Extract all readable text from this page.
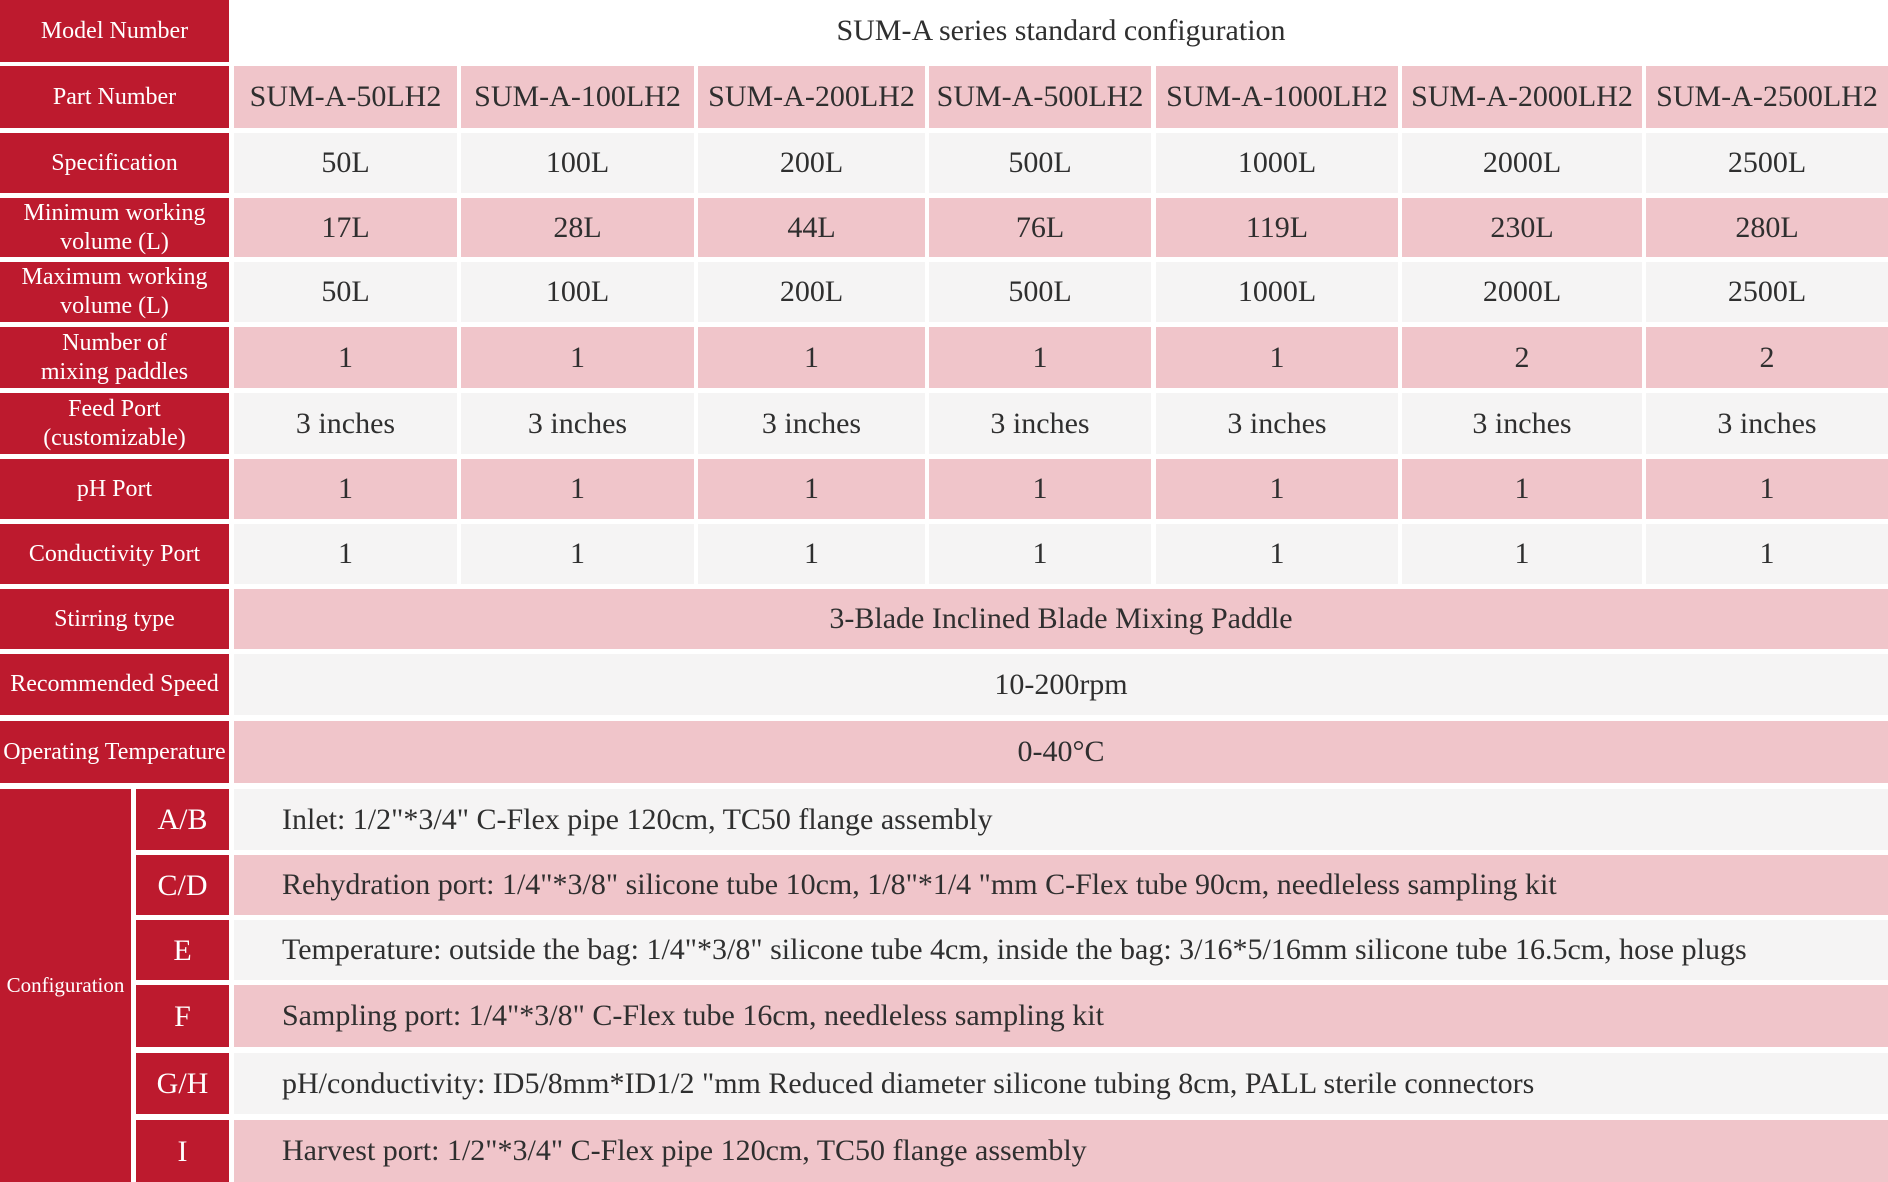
Model Number	SUM-A series standard configuration
Part Number	SUM-A-50LH2	SUM-A-100LH2 SUM-A-200LH2 SUM-A-500LH2 SUM-A-1000LH2 SUM-A-2000LH2 SUM-A-2500LH2
Specification	50L	100L	200L	500L	1000L	2000L	2500L
Minimum working
volume (L)	17L	28L	44L	76L	119L	230L	280L
Maximum working
volume (L)	50L	100L	200L	500L	1000L	2000L	2500L
Number of
mixing paddles	1	1	1	1	1	2	2
Feed Port
(customizable)	3 inches	3 inches	3 inches	3 inches	3 inches	3 inches	3 inches
pH Port	1	1	1	1	1	1	1
Conductivity Port	1	1	1	1	1	1	1
Stirring type	3-Blade Inclined Blade Mixing Paddle
Recommended Speed	10-200rpm
Operating Temperature	0-40°C
Configuration
A/B	Inlet: 1/2"*3/4" C-Flex pipe 120cm, TC50 flange assembly
C/D	Rehydration port: 1/4"*3/8" silicone tube 10cm, 1/8"*1/4 "mm C-Flex tube 90cm, needleless sampling kit
E	Temperature: outside the bag: 1/4"*3/8" silicone tube 4cm, inside the bag: 3/16*5/16mm silicone tube 16.5cm, hose plugs
F	Sampling port: 1/4"*3/8" C-Flex tube 16cm, needleless sampling kit
G/H	pH/conductivity: ID5/8mm*ID1/2 "mm Reduced diameter silicone tubing 8cm, PALL sterile connectors
I	Harvest port: 1/2"*3/4" C-Flex pipe 120cm, TC50 flange assembly
